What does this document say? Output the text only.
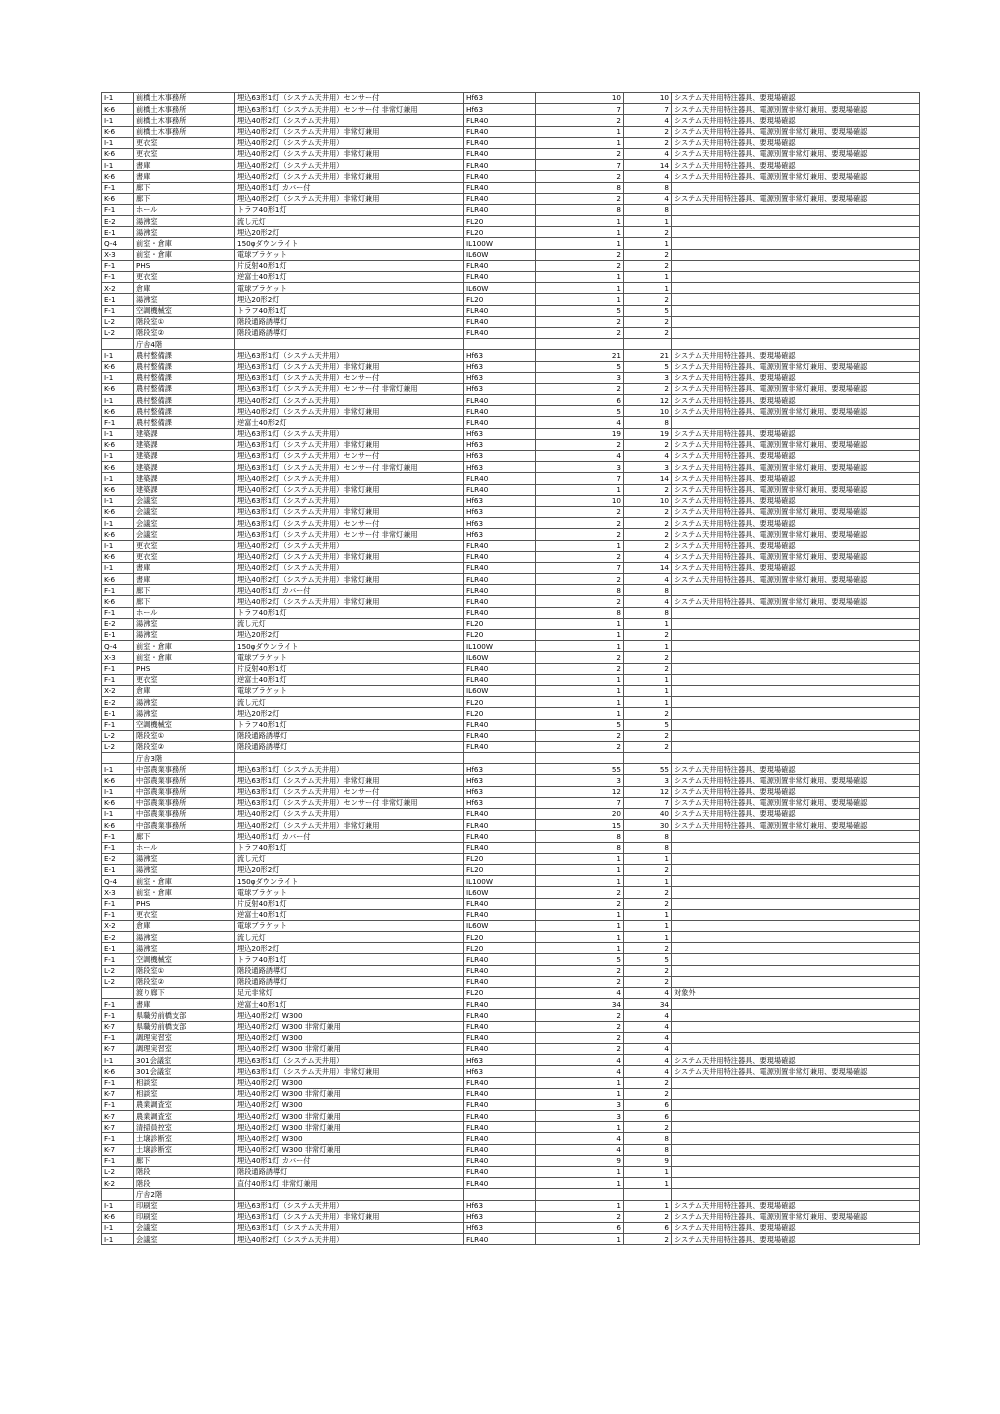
I-1	前橋土木事務所	埋込63形1灯（システム天井用）センサー付	Hf63	10	10	システム天井用特注器具、要現場確認
K-6	前橋土木事務所	埋込63形1灯（システム天井用）センサー付 非常灯兼用	Hf63	7	7	システム天井用特注器具、電源別置非常灯兼用、要現場確認
I-1	前橋土木事務所	埋込40形2灯（システム天井用）	FLR40	2	4	システム天井用特注器具、要現場確認
K-6	前橋土木事務所	埋込40形2灯（システム天井用）非常灯兼用	FLR40	1	2	システム天井用特注器具、電源別置非常灯兼用、要現場確認
I-1	更衣室	埋込40形2灯（システム天井用）	FLR40	1	2	システム天井用特注器具、要現場確認
K-6	更衣室	埋込40形2灯（システム天井用）非常灯兼用	FLR40	2	4	システム天井用特注器具、電源別置非常灯兼用、要現場確認
I-1	書庫	埋込40形2灯（システム天井用）	FLR40	7	14	システム天井用特注器具、要現場確認
K-6	書庫	埋込40形2灯（システム天井用）非常灯兼用	FLR40	2	4	システム天井用特注器具、電源別置非常灯兼用、要現場確認
F-1	廊下	埋込40形1灯 カバー付	FLR40	8	8	
K-6	廊下	埋込40形2灯（システム天井用）非常灯兼用	FLR40	2	4	システム天井用特注器具、電源別置非常灯兼用、要現場確認
F-1	ホール	トラフ40形1灯	FLR40	8	8	
E-2	湯沸室	流し元灯	FL20	1	1	
E-1	湯沸室	埋込20形2灯	FL20	1	2	
Q-4	前室・倉庫	150φダウンライト	IL100W	1	1	
X-3	前室・倉庫	電球ブラケット	IL60W	2	2	
F-1	PHS	片反射40形1灯	FLR40	2	2	
F-1	更衣室	逆富士40形1灯	FLR40	1	1	
X-2	倉庫	電球ブラケット	IL60W	1	1	
E-1	湯沸室	埋込20形2灯	FL20	1	2	
F-1	空調機械室	トラフ40形1灯	FLR40	5	5	
L-2	階段室①	階段通路誘導灯	FLR40	2	2	
L-2	階段室②	階段通路誘導灯	FLR40	2	2	
	庁舎4階					
I-1	農村整備課	埋込63形1灯（システム天井用）	Hf63	21	21	システム天井用特注器具、要現場確認
K-6	農村整備課	埋込63形1灯（システム天井用）非常灯兼用	Hf63	5	5	システム天井用特注器具、電源別置非常灯兼用、要現場確認
I-1	農村整備課	埋込63形1灯（システム天井用）センサー付	Hf63	3	3	システム天井用特注器具、要現場確認
K-6	農村整備課	埋込63形1灯（システム天井用）センサー付 非常灯兼用	Hf63	2	2	システム天井用特注器具、電源別置非常灯兼用、要現場確認
I-1	農村整備課	埋込40形2灯（システム天井用）	FLR40	6	12	システム天井用特注器具、要現場確認
K-6	農村整備課	埋込40形2灯（システム天井用）非常灯兼用	FLR40	5	10	システム天井用特注器具、電源別置非常灯兼用、要現場確認
F-1	農村整備課	逆富士40形2灯	FLR40	4	8	
I-1	建築課	埋込63形1灯（システム天井用）	Hf63	19	19	システム天井用特注器具、要現場確認
K-6	建築課	埋込63形1灯（システム天井用）非常灯兼用	Hf63	2	2	システム天井用特注器具、電源別置非常灯兼用、要現場確認
I-1	建築課	埋込63形1灯（システム天井用）センサー付	Hf63	4	4	システム天井用特注器具、要現場確認
K-6	建築課	埋込63形1灯（システム天井用）センサー付 非常灯兼用	Hf63	3	3	システム天井用特注器具、電源別置非常灯兼用、要現場確認
I-1	建築課	埋込40形2灯（システム天井用）	FLR40	7	14	システム天井用特注器具、要現場確認
K-6	建築課	埋込40形2灯（システム天井用）非常灯兼用	FLR40	1	2	システム天井用特注器具、電源別置非常灯兼用、要現場確認
I-1	会議室	埋込63形1灯（システム天井用）	Hf63	10	10	システム天井用特注器具、要現場確認
K-6	会議室	埋込63形1灯（システム天井用）非常灯兼用	Hf63	2	2	システム天井用特注器具、電源別置非常灯兼用、要現場確認
I-1	会議室	埋込63形1灯（システム天井用）センサー付	Hf63	2	2	システム天井用特注器具、要現場確認
K-6	会議室	埋込63形1灯（システム天井用）センサー付 非常灯兼用	Hf63	2	2	システム天井用特注器具、電源別置非常灯兼用、要現場確認
I-1	更衣室	埋込40形2灯（システム天井用）	FLR40	1	2	システム天井用特注器具、要現場確認
K-6	更衣室	埋込40形2灯（システム天井用）非常灯兼用	FLR40	2	4	システム天井用特注器具、電源別置非常灯兼用、要現場確認
I-1	書庫	埋込40形2灯（システム天井用）	FLR40	7	14	システム天井用特注器具、要現場確認
K-6	書庫	埋込40形2灯（システム天井用）非常灯兼用	FLR40	2	4	システム天井用特注器具、電源別置非常灯兼用、要現場確認
F-1	廊下	埋込40形1灯 カバー付	FLR40	8	8	
K-6	廊下	埋込40形2灯（システム天井用）非常灯兼用	FLR40	2	4	システム天井用特注器具、電源別置非常灯兼用、要現場確認
F-1	ホール	トラフ40形1灯	FLR40	8	8	
E-2	湯沸室	流し元灯	FL20	1	1	
E-1	湯沸室	埋込20形2灯	FL20	1	2	
Q-4	前室・倉庫	150φダウンライト	IL100W	1	1	
X-3	前室・倉庫	電球ブラケット	IL60W	2	2	
F-1	PHS	片反射40形1灯	FLR40	2	2	
F-1	更衣室	逆富士40形1灯	FLR40	1	1	
X-2	倉庫	電球ブラケット	IL60W	1	1	
E-2	湯沸室	流し元灯	FL20	1	1	
E-1	湯沸室	埋込20形2灯	FL20	1	2	
F-1	空調機械室	トラフ40形1灯	FLR40	5	5	
L-2	階段室①	階段通路誘導灯	FLR40	2	2	
L-2	階段室②	階段通路誘導灯	FLR40	2	2	
	庁舎3階					
I-1	中部農業事務所	埋込63形1灯（システム天井用）	Hf63	55	55	システム天井用特注器具、要現場確認
K-6	中部農業事務所	埋込63形1灯（システム天井用）非常灯兼用	Hf63	3	3	システム天井用特注器具、電源別置非常灯兼用、要現場確認
I-1	中部農業事務所	埋込63形1灯（システム天井用）センサー付	Hf63	12	12	システム天井用特注器具、要現場確認
K-6	中部農業事務所	埋込63形1灯（システム天井用）センサー付 非常灯兼用	Hf63	7	7	システム天井用特注器具、電源別置非常灯兼用、要現場確認
I-1	中部農業事務所	埋込40形2灯（システム天井用）	FLR40	20	40	システム天井用特注器具、要現場確認
K-6	中部農業事務所	埋込40形2灯（システム天井用）非常灯兼用	FLR40	15	30	システム天井用特注器具、電源別置非常灯兼用、要現場確認
F-1	廊下	埋込40形1灯 カバー付	FLR40	8	8	
F-1	ホール	トラフ40形1灯	FLR40	8	8	
E-2	湯沸室	流し元灯	FL20	1	1	
E-1	湯沸室	埋込20形2灯	FL20	1	2	
Q-4	前室・倉庫	150φダウンライト	IL100W	1	1	
X-3	前室・倉庫	電球ブラケット	IL60W	2	2	
F-1	PHS	片反射40形1灯	FLR40	2	2	
F-1	更衣室	逆富士40形1灯	FLR40	1	1	
X-2	倉庫	電球ブラケット	IL60W	1	1	
E-2	湯沸室	流し元灯	FL20	1	1	
E-1	湯沸室	埋込20形2灯	FL20	1	2	
F-1	空調機械室	トラフ40形1灯	FLR40	5	5	
L-2	階段室①	階段通路誘導灯	FLR40	2	2	
L-2	階段室②	階段通路誘導灯	FLR40	2	2	
	渡り廊下	足元非常灯	FL20	4	4	対象外
F-1	書庫	逆富士40形1灯	FLR40	34	34	
F-1	県職労前橋支部	埋込40形2灯 W300	FLR40	2	4	
K-7	県職労前橋支部	埋込40形2灯 W300 非常灯兼用	FLR40	2	4	
F-1	調理実習室	埋込40形2灯 W300	FLR40	2	4	
K-7	調理実習室	埋込40形2灯 W300 非常灯兼用	FLR40	2	4	
I-1	301会議室	埋込63形1灯（システム天井用）	Hf63	4	4	システム天井用特注器具、要現場確認
K-6	301会議室	埋込63形1灯（システム天井用）非常灯兼用	Hf63	4	4	システム天井用特注器具、電源別置非常灯兼用、要現場確認
F-1	相談室	埋込40形2灯 W300	FLR40	1	2	
K-7	相談室	埋込40形2灯 W300 非常灯兼用	FLR40	1	2	
F-1	農業調査室	埋込40形2灯 W300	FLR40	3	6	
K-7	農業調査室	埋込40形2灯 W300 非常灯兼用	FLR40	3	6	
K-7	清掃員控室	埋込40形2灯 W300 非常灯兼用	FLR40	1	2	
F-1	土壌診断室	埋込40形2灯 W300	FLR40	4	8	
K-7	土壌診断室	埋込40形2灯 W300 非常灯兼用	FLR40	4	8	
F-1	廊下	埋込40形1灯 カバー付	FLR40	9	9	
L-2	階段	階段通路誘導灯	FLR40	1	1	
K-2	階段	直付40形1灯 非常灯兼用	FLR40	1	1	
	庁舎2階					
I-1	印刷室	埋込63形1灯（システム天井用）	Hf63	1	1	システム天井用特注器具、要現場確認
K-6	印刷室	埋込63形1灯（システム天井用）非常灯兼用	Hf63	2	2	システム天井用特注器具、電源別置非常灯兼用、要現場確認
I-1	会議室	埋込63形1灯（システム天井用）	Hf63	6	6	システム天井用特注器具、要現場確認
I-1	会議室	埋込40形2灯（システム天井用）	FLR40	1	2	システム天井用特注器具、要現場確認
